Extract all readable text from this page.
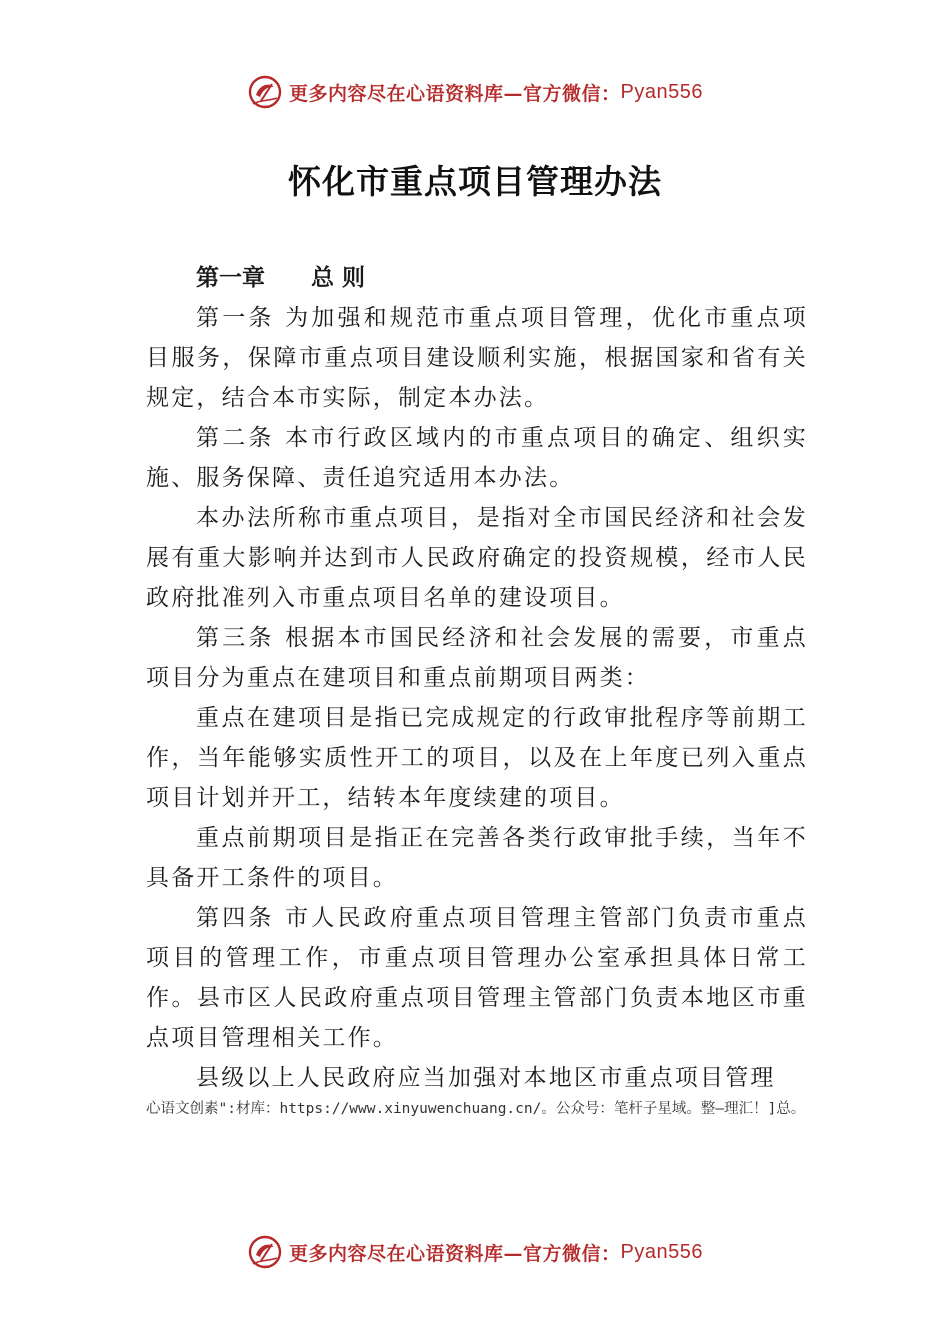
更多内容尽在心语资料库—官方微信： Pyan556
怀化市重点项目管理办法
第一章　　总 则

第一条 为加强和规范市重点项目管理，优化市重点项目服务，保障市重点项目建设顺利实施，根据国家和省有关规定，结合本市实际，制定本办法。

第二条 本市行政区域内的市重点项目的确定、组织实施、服务保障、责任追究适用本办法。

本办法所称市重点项目，是指对全市国民经济和社会发展有重大影响并达到市人民政府确定的投资规模，经市人民政府批准列入市重点项目名单的建设项目。

第三条 根据本市国民经济和社会发展的需要，市重点项目分为重点在建项目和重点前期项目两类：

重点在建项目是指已完成规定的行政审批程序等前期工作，当年能够实质性开工的项目，以及在上年度已列入重点项目计划并开工，结转本年度续建的项目。

重点前期项目是指正在完善各类行政审批手续，当年不具备开工条件的项目。

第四条 市人民政府重点项目管理主管部门负责市重点项目的管理工作，市重点项目管理办公室承担具体日常工作。县市区人民政府重点项目管理主管部门负责本地区市重点项目管理相关工作。

县级以上人民政府应当加强对本地区市重点项目管理

心语文创素":材库：https://www.xinyuwenchuang.cn/。公众号：笔杆子星域。整—理汇！]总。
更多内容尽在心语资料库—官方微信： Pyan556
